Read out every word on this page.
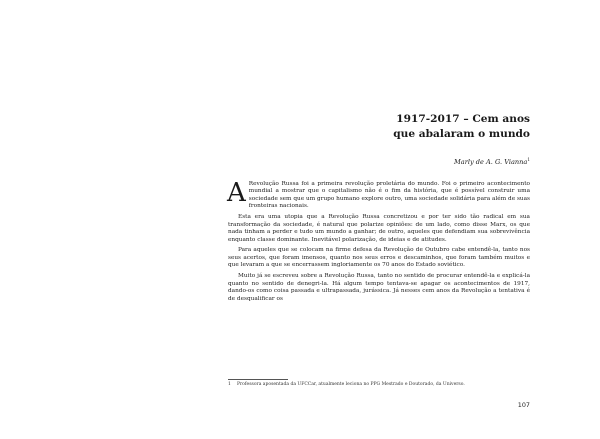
1917-2017 – Cem anos
que abalaram o mundo
Marly de A. G. Vianna$^1$

A Revolução Russa foi a primeira revolução proletária do mundo. Foi o primeiro acontecimento mundial a mostrar que o capitalismo não é o fim da história, que é possível construir uma sociedade sem que um grupo humano explore outro, uma sociedade solidária para além de suas fronteiras nacionais.

Esta era uma utopia que a Revolução Russa concretizou e por ter sido tão radical em sua transformação da sociedade, é natural que polarize opiniões: de um lado, como disse Marx, os que nada tinham a perder e tudo um mundo a ganhar; de outro, aqueles que defendiam sua sobrevivência enquanto classe dominante. Inevitável polarização, de ideias e de atitudes.

Para aqueles que se colocam na firme defesa da Revolução de Outubro cabe entendê-la, tanto nos seus acertos, que foram imensos, quanto nos seus erros e descaminhos, que foram também muitos e que levaram a que se encerrassem ingloriamente os 70 anos do Estado soviético.

Muito já se escreveu sobre a Revolução Russa, tanto no sentido de procurar entendê-la e explicá-la quanto no sentido de denegri-la. Há algum tempo tentava-se apagar os acontecimentos de 1917, dando-os como coisa passada e ultrapassada, jurássica. Já nesses cem anos da Revolução a tentativa é de desqualificar os

1 Professora aposentada da UFCCar, atualmente leciona no PPG Mestrado e Doutorado, da Universo.
107
